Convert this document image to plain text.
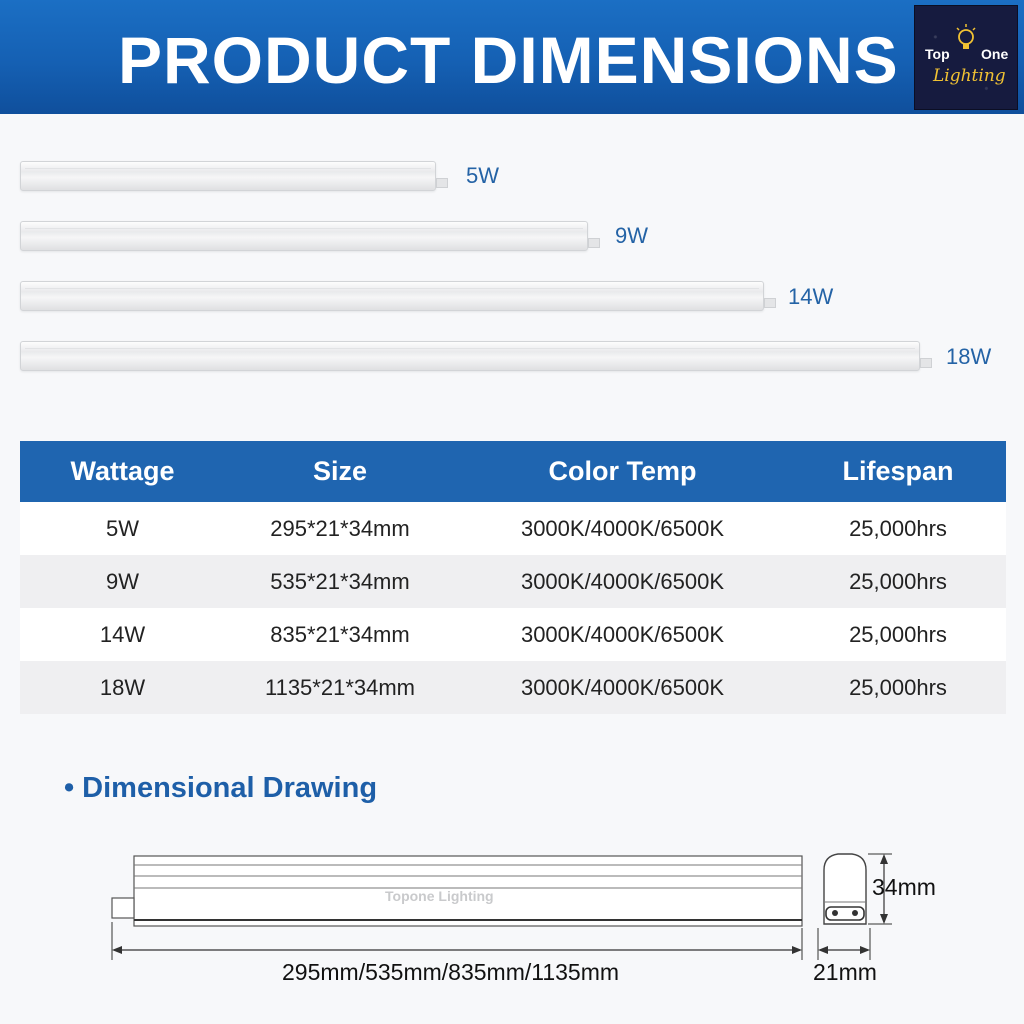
PRODUCT DIMENSIONS Top One
Lighting
5W
9W
14W
18W
Wattage	Size	Color Temp	Lifespan
5W	295*21*34mm	3000K/4000K/6500K	25,000hrs
9W	535*21*34mm	3000K/4000K/6500K	25,000hrs
14W	835*21*34mm	3000K/4000K/6500K	25,000hrs
18W	1135*21*34mm	3000K/4000K/6500K	25,000hrs
• Dimensional Drawing
Topone Lighting
295mm/535mm/835mm/1135mm	21mm
34mm
